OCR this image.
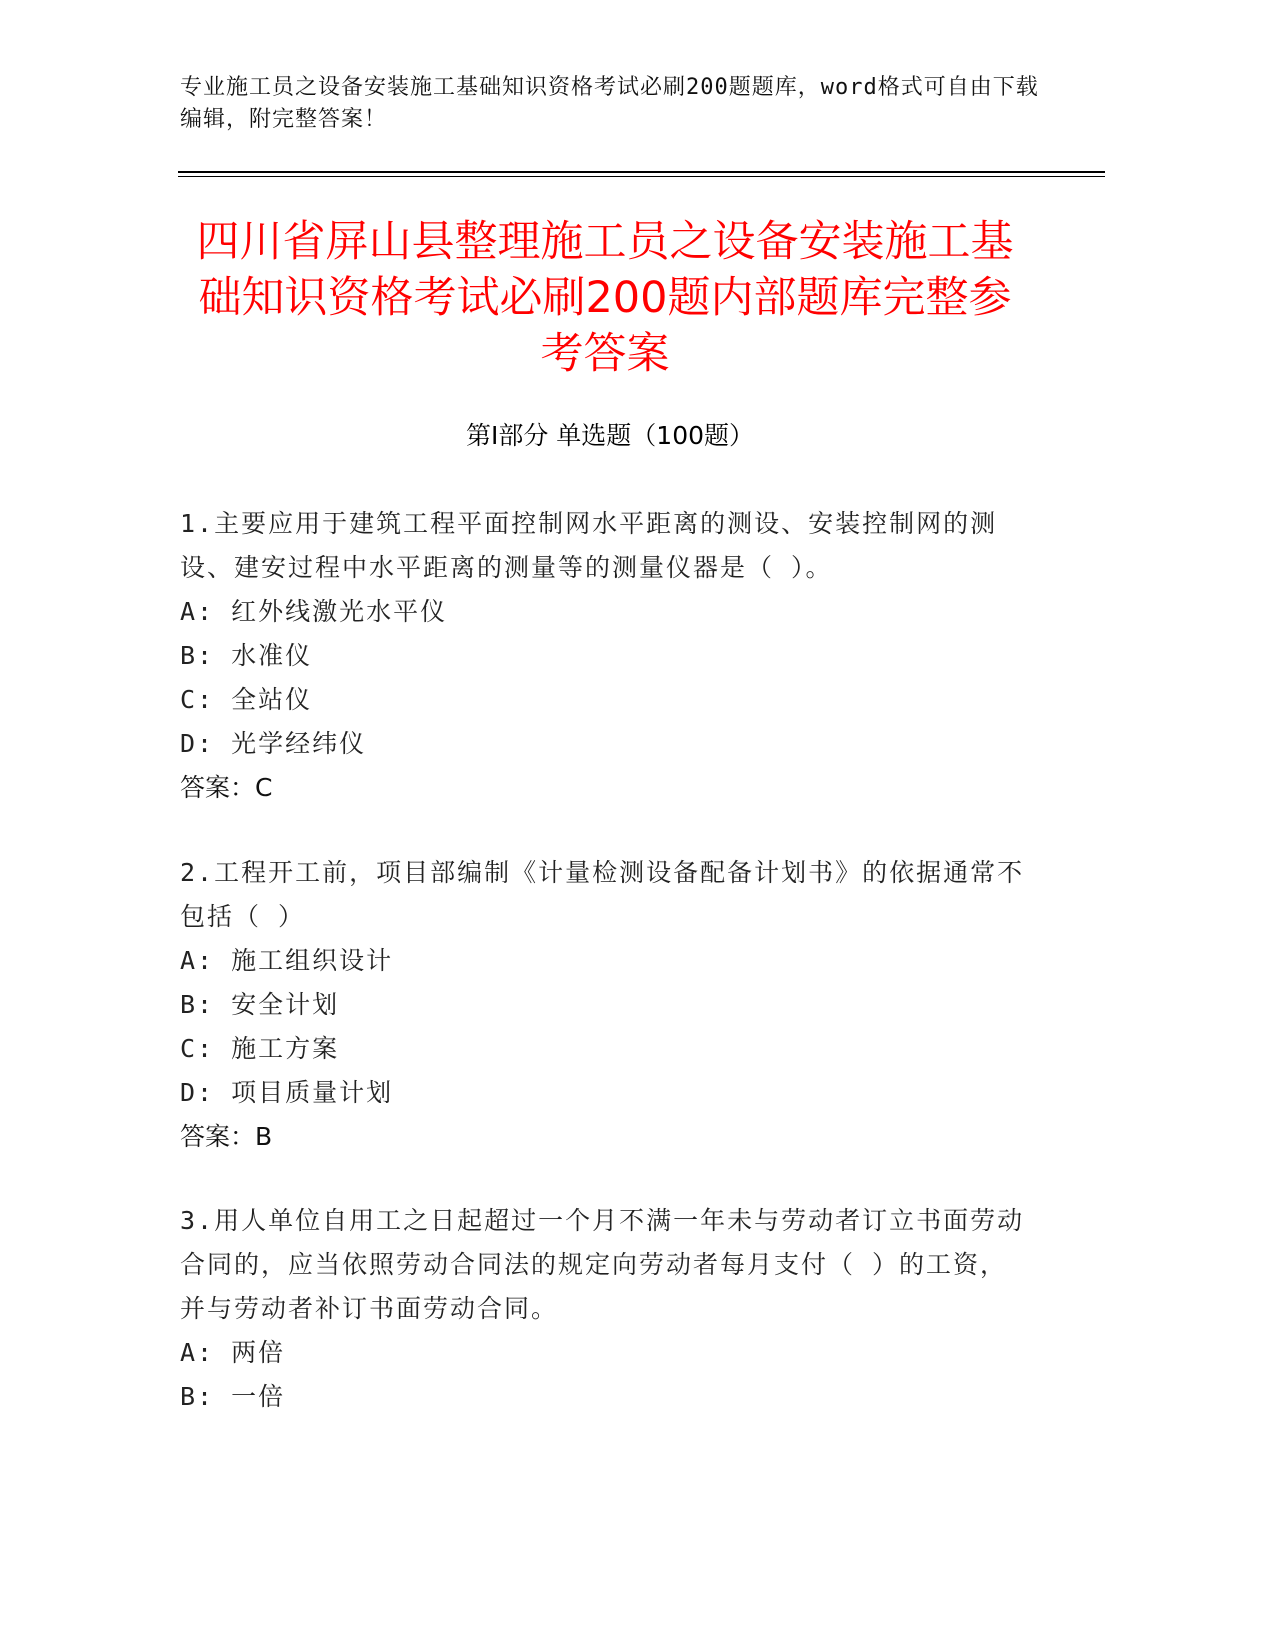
专业施工员之设备安装施工基础知识资格考试必刷200题题库，word格式可自由下载编辑，附完整答案！
四川省屏山县整理施工员之设备安装施工基础知识资格考试必刷200题内部题库完整参考答案
第Ⅰ部分 单选题（100题）

1.主要应用于建筑工程平面控制网水平距离的测设、安装控制网的测设、建安过程中水平距离的测量等的测量仪器是（ ）。

A: 红外线激光水平仪
B: 水准仪
C: 全站仪
D: 光学经纬仪
答案：C

2.工程开工前，项目部编制《计量检测设备配备计划书》的依据通常不包括（ ）

A: 施工组织设计
B: 安全计划
C: 施工方案
D: 项目质量计划
答案：B

3.用人单位自用工之日起超过一个月不满一年未与劳动者订立书面劳动合同的，应当依照劳动合同法的规定向劳动者每月支付（ ）的工资，并与劳动者补订书面劳动合同。

A: 两倍
B: 一倍
